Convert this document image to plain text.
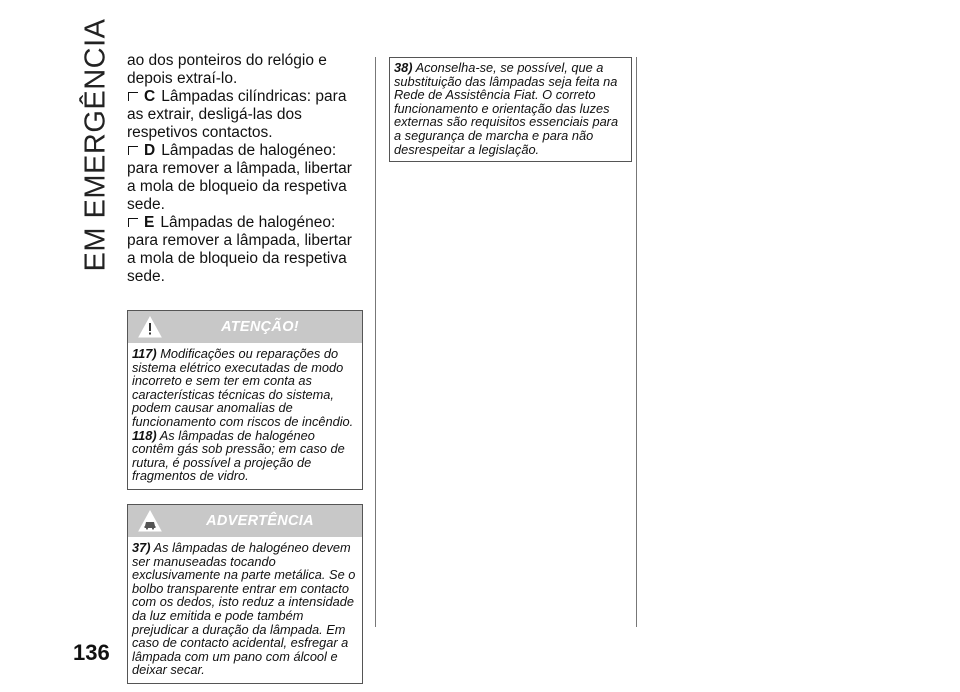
EM EMERGÊNCIA
136
ao dos ponteiros do relógio e depois extraí-lo.
C Lâmpadas cilíndricas: para as extrair, desligá-las dos respetivos contactos.
D Lâmpadas de halogéneo: para remover a lâmpada, libertar a mola de bloqueio da respetiva sede.
E Lâmpadas de halogéneo: para remover a lâmpada, libertar a mola de bloqueio da respetiva sede.
ATENÇÃO!

117) Modificações ou reparações do sistema elétrico executadas de modo incorreto e sem ter em conta as características técnicas do sistema, podem causar anomalias de funcionamento com riscos de incêndio.

118) As lâmpadas de halogéneo contêm gás sob pressão; em caso de rutura, é possível a projeção de fragmentos de vidro.

ADVERTÊNCIA

37) As lâmpadas de halogéneo devem ser manuseadas tocando exclusivamente na parte metálica. Se o bolbo transparente entrar em contacto com os dedos, isto reduz a intensidade da luz emitida e pode também prejudicar a duração da lâmpada. Em caso de contacto acidental, esfregar a lâmpada com um pano com álcool e deixar secar.

38) Aconselha-se, se possível, que a substituição das lâmpadas seja feita na Rede de Assistência Fiat. O correto funcionamento e orientação das luzes externas são requisitos essenciais para a segurança de marcha e para não desrespeitar a legislação.
